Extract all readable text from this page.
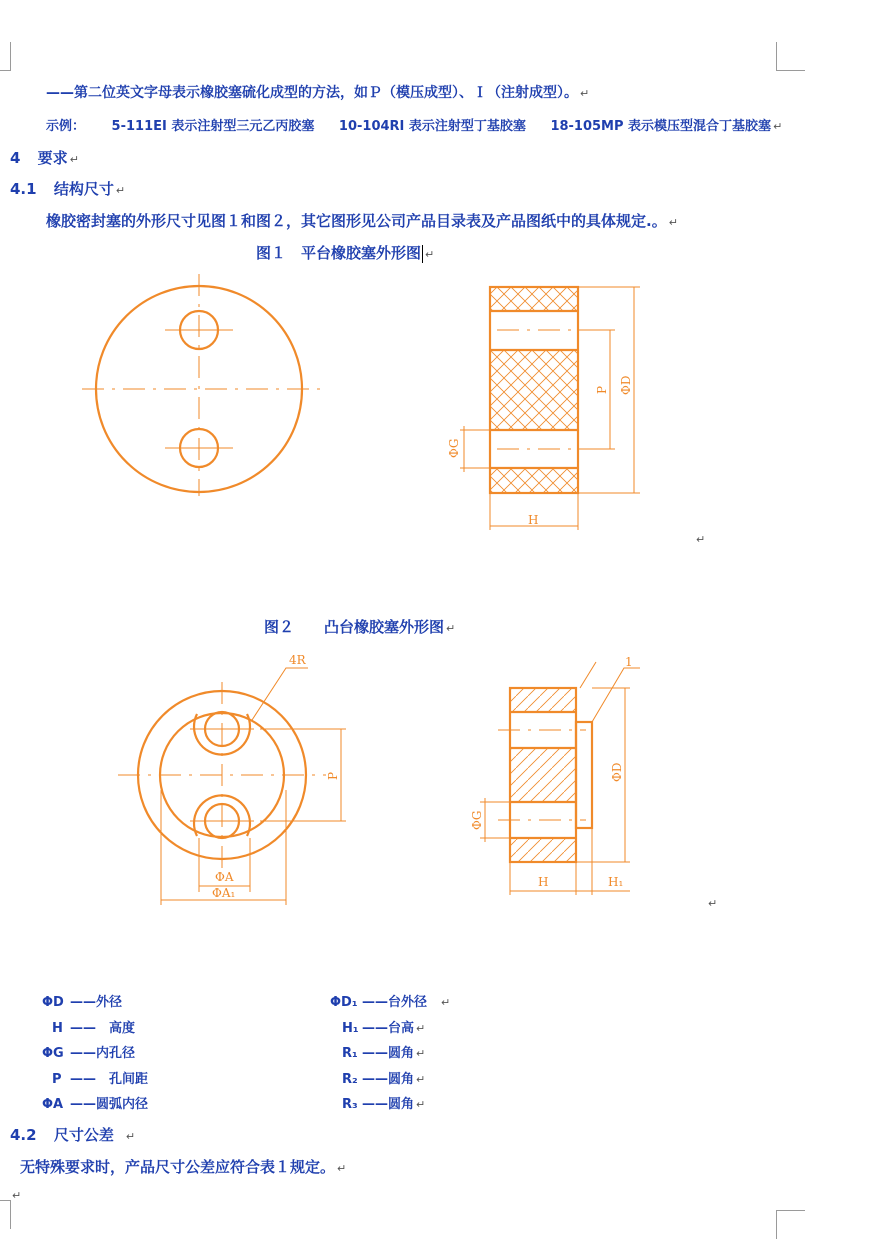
——第二位英文字母表示橡胶塞硫化成型的方法，如Ｐ（模压成型）、Ｉ（注射成型）。 ↵
示例： 5-111EI 表示注射型三元乙丙胶塞 10-104RI 表示注射型丁基胶塞 18-105MP 表示模压型混合丁基胶塞 ↵
4 要求 ↵
4.1 结构尺寸 ↵
橡胶密封塞的外形尺寸见图１和图２，其它图形见公司产品目录表及产品图纸中的具体规定.。 ↵
图１　平台橡胶塞外形图 ↵
ΦD
P
ΦG
H
↵
图２　　凸台橡胶塞外形图 ↵
P
4R
ΦA
ΦA₁
1
ΦD
ΦG
H	H₁
↵
ΦD ——外径
H ——　高度
ΦG ——内孔径
P ——　孔间距
ΦA ——圆弧内径
ΦD₁ ——台外径 ↵
H₁ ——台高 ↵
R₁ ——圆角 ↵
R₂ ——圆角 ↵
R₃ ——圆角 ↵
4.2 尺寸公差 ↵
无特殊要求时，产品尺寸公差应符合表１规定。 ↵
↵
